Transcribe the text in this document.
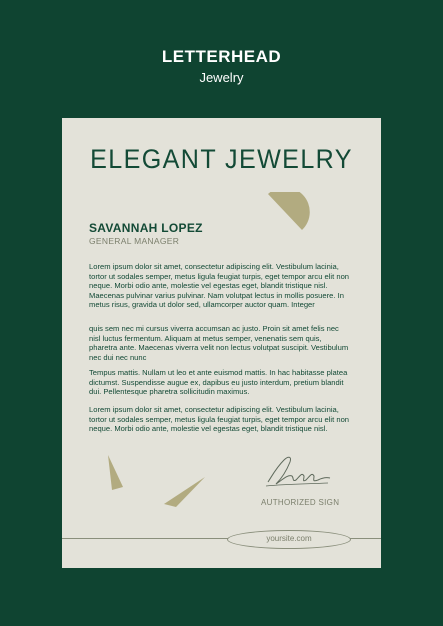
LETTERHEAD
Jewelry
ELEGANT JEWELRY
SAVANNAH LOPEZ
GENERAL MANAGER

Lorem ipsum dolor sit amet, consectetur adipiscing elit. Vestibulum lacinia, tortor ut sodales semper, metus ligula feugiat turpis, eget tempor arcu elit non neque. Morbi odio ante, molestie vel egestas eget, blandit tristique nisl. Maecenas pulvinar varius pulvinar. Nam volutpat lectus in mollis posuere. In metus risus, gravida ut dolor sed, ullamcorper auctor quam. Integer

quis sem nec mi cursus viverra accumsan ac justo. Proin sit amet felis nec nisl luctus fermentum. Aliquam at metus semper, venenatis sem quis, pharetra ante. Maecenas viverra velit non lectus volutpat suscipit. Vestibulum nec dui nec nunc

Tempus mattis. Nullam ut leo et ante euismod mattis. In hac habitasse platea dictumst. Suspendisse augue ex, dapibus eu justo interdum, pretium blandit dui. Pellentesque pharetra sollicitudin maximus.

Lorem ipsum dolor sit amet, consectetur adipiscing elit. Vestibulum lacinia, tortor ut sodales semper, metus ligula feugiat turpis, eget tempor arcu elit non neque. Morbi odio ante, molestie vel egestas eget, blandit tristique nisl.

AUTHORIZED SIGN
yoursite.com
